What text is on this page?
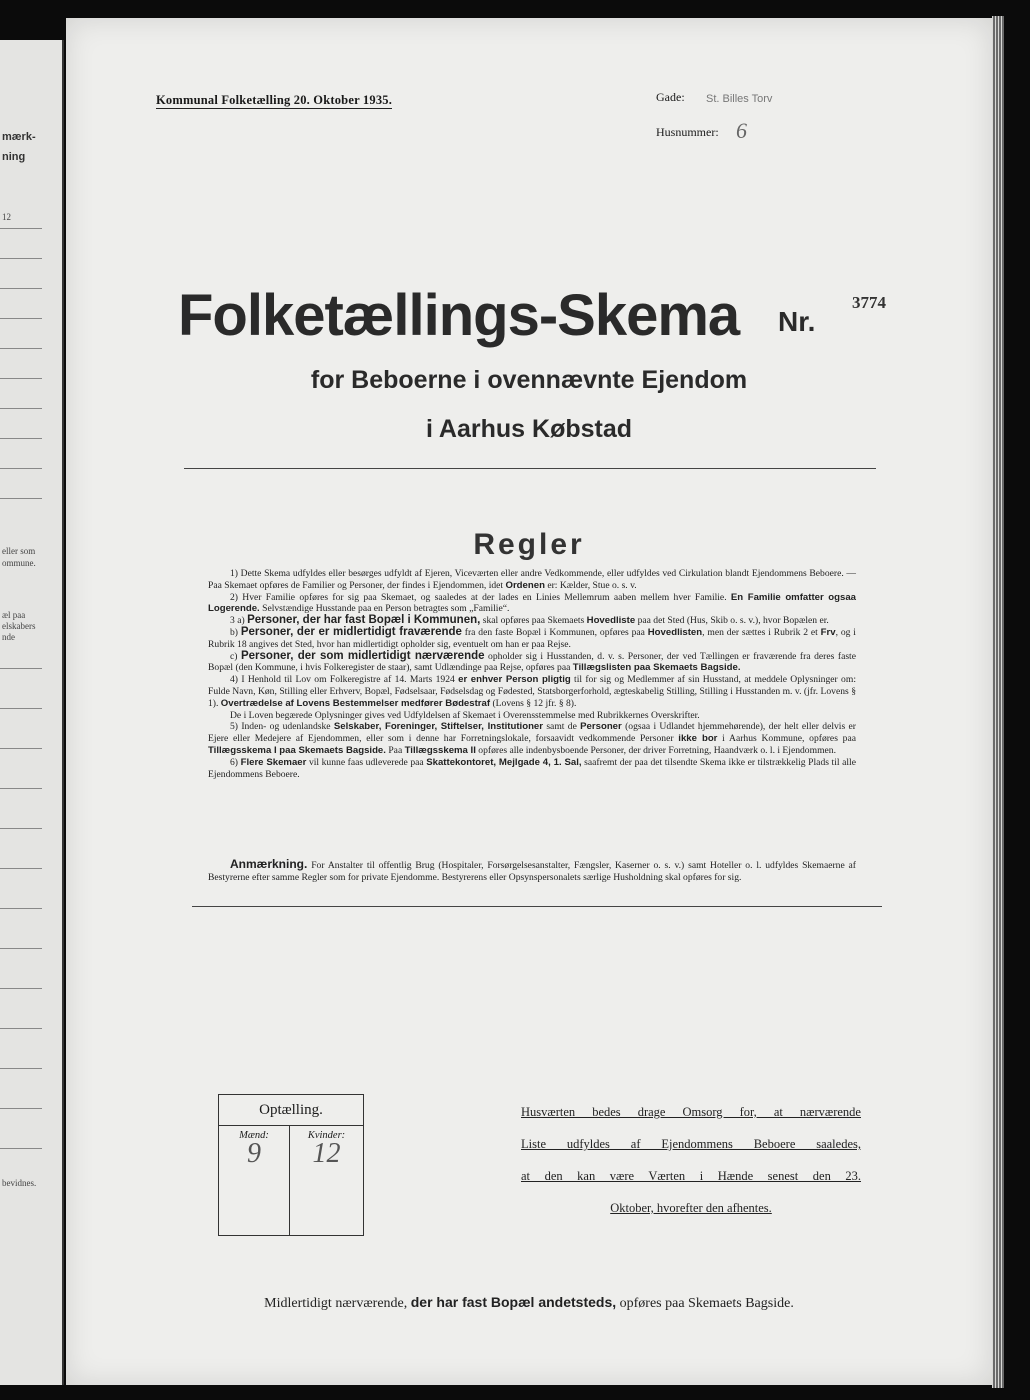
mærk-
ning
12
eller som
ommune.
æl paa
elskabers
nde
bevidnes.
Kommunal Folketælling 20. Oktober 1935.	Gade: St. Billes Torv
Husnummer: 6
Folketællings-Skema Nr.
3774
for Beboerne i ovennævnte Ejendom
i Aarhus Købstad
Regler

1) Dette Skema udfyldes eller besørges udfyldt af Ejeren, Viceværten eller andre Vedkommende, eller udfyldes ved Cirkulation blandt Ejendommens Beboere. — Paa Skemaet opføres de Familier og Personer, der findes i Ejendommen, idet Ordenen er: Kælder, Stue o. s. v.

2) Hver Familie opføres for sig paa Skemaet, og saaledes at der lades en Linies Mellemrum aaben mellem hver Familie. En Familie omfatter ogsaa Logerende. Selvstændige Husstande paa en Person betragtes som „Familie“.

3 a) Personer, der har fast Bopæl i Kommunen, skal opføres paa Skemaets Hovedliste paa det Sted (Hus, Skib o. s. v.), hvor Bopælen er.

b) Personer, der er midlertidigt fraværende fra den faste Bopæl i Kommunen, opføres paa Hovedlisten, men der sættes i Rubrik 2 et Frv, og i Rubrik 18 angives det Sted, hvor han midlertidigt opholder sig, eventuelt om han er paa Rejse.

c) Personer, der som midlertidigt nærværende opholder sig i Husstanden, d. v. s. Personer, der ved Tællingen er fraværende fra deres faste Bopæl (den Kommune, i hvis Folkeregister de staar), samt Udlændinge paa Rejse, opføres paa Tillægslisten paa Skemaets Bagside.

4) I Henhold til Lov om Folkeregistre af 14. Marts 1924 er enhver Person pligtig til for sig og Medlemmer af sin Husstand, at meddele Oplysninger om: Fulde Navn, Køn, Stilling eller Erhverv, Bopæl, Fødselsaar, Fødselsdag og Fødested, Statsborgerforhold, ægteskabelig Stilling, Stilling i Husstanden m. v. (jfr. Lovens § 1). Overtrædelse af Lovens Bestemmelser medfører Bødestraf (Lovens § 12 jfr. § 8).

De i Loven begærede Oplysninger gives ved Udfyldelsen af Skemaet i Overensstemmelse med Rubrikkernes Overskrifter.

5) Inden- og udenlandske Selskaber, Foreninger, Stiftelser, Institutioner samt de Personer (ogsaa i Udlandet hjemmehørende), der helt eller delvis er Ejere eller Medejere af Ejendommen, eller som i denne har Forretningslokale, forsaavidt vedkommende Personer ikke bor i Aarhus Kommune, opføres paa Tillægsskema I paa Skemaets Bagside. Paa Tillægsskema II opføres alle indenbysboende Personer, der driver Forretning, Haandværk o. l. i Ejendommen.

6) Flere Skemaer vil kunne faas udleverede paa Skattekontoret, Mejlgade 4, 1. Sal, saafremt der paa det tilsendte Skema ikke er tilstrækkelig Plads til alle Ejendommens Beboere.

Anmærkning. For Anstalter til offentlig Brug (Hospitaler, Forsørgelsesanstalter, Fængsler, Kaserner o. s. v.) samt Hoteller o. l. udfyldes Skemaerne af Bestyrerne efter samme Regler som for private Ejendomme. Bestyrerens eller Opsynspersonalets særlige Husholdning skal opføres for sig.
Optælling.
Mænd:
9
Kvinder:
12
Husværten bedes drage Omsorg for, at nærværende
Liste udfyldes af Ejendommens Beboere saaledes,
at den kan være Værten i Hænde senest den 23.
Oktober, hvorefter den afhentes.
Midlertidigt nærværende, der har fast Bopæl andetsteds, opføres paa Skemaets Bagside.
